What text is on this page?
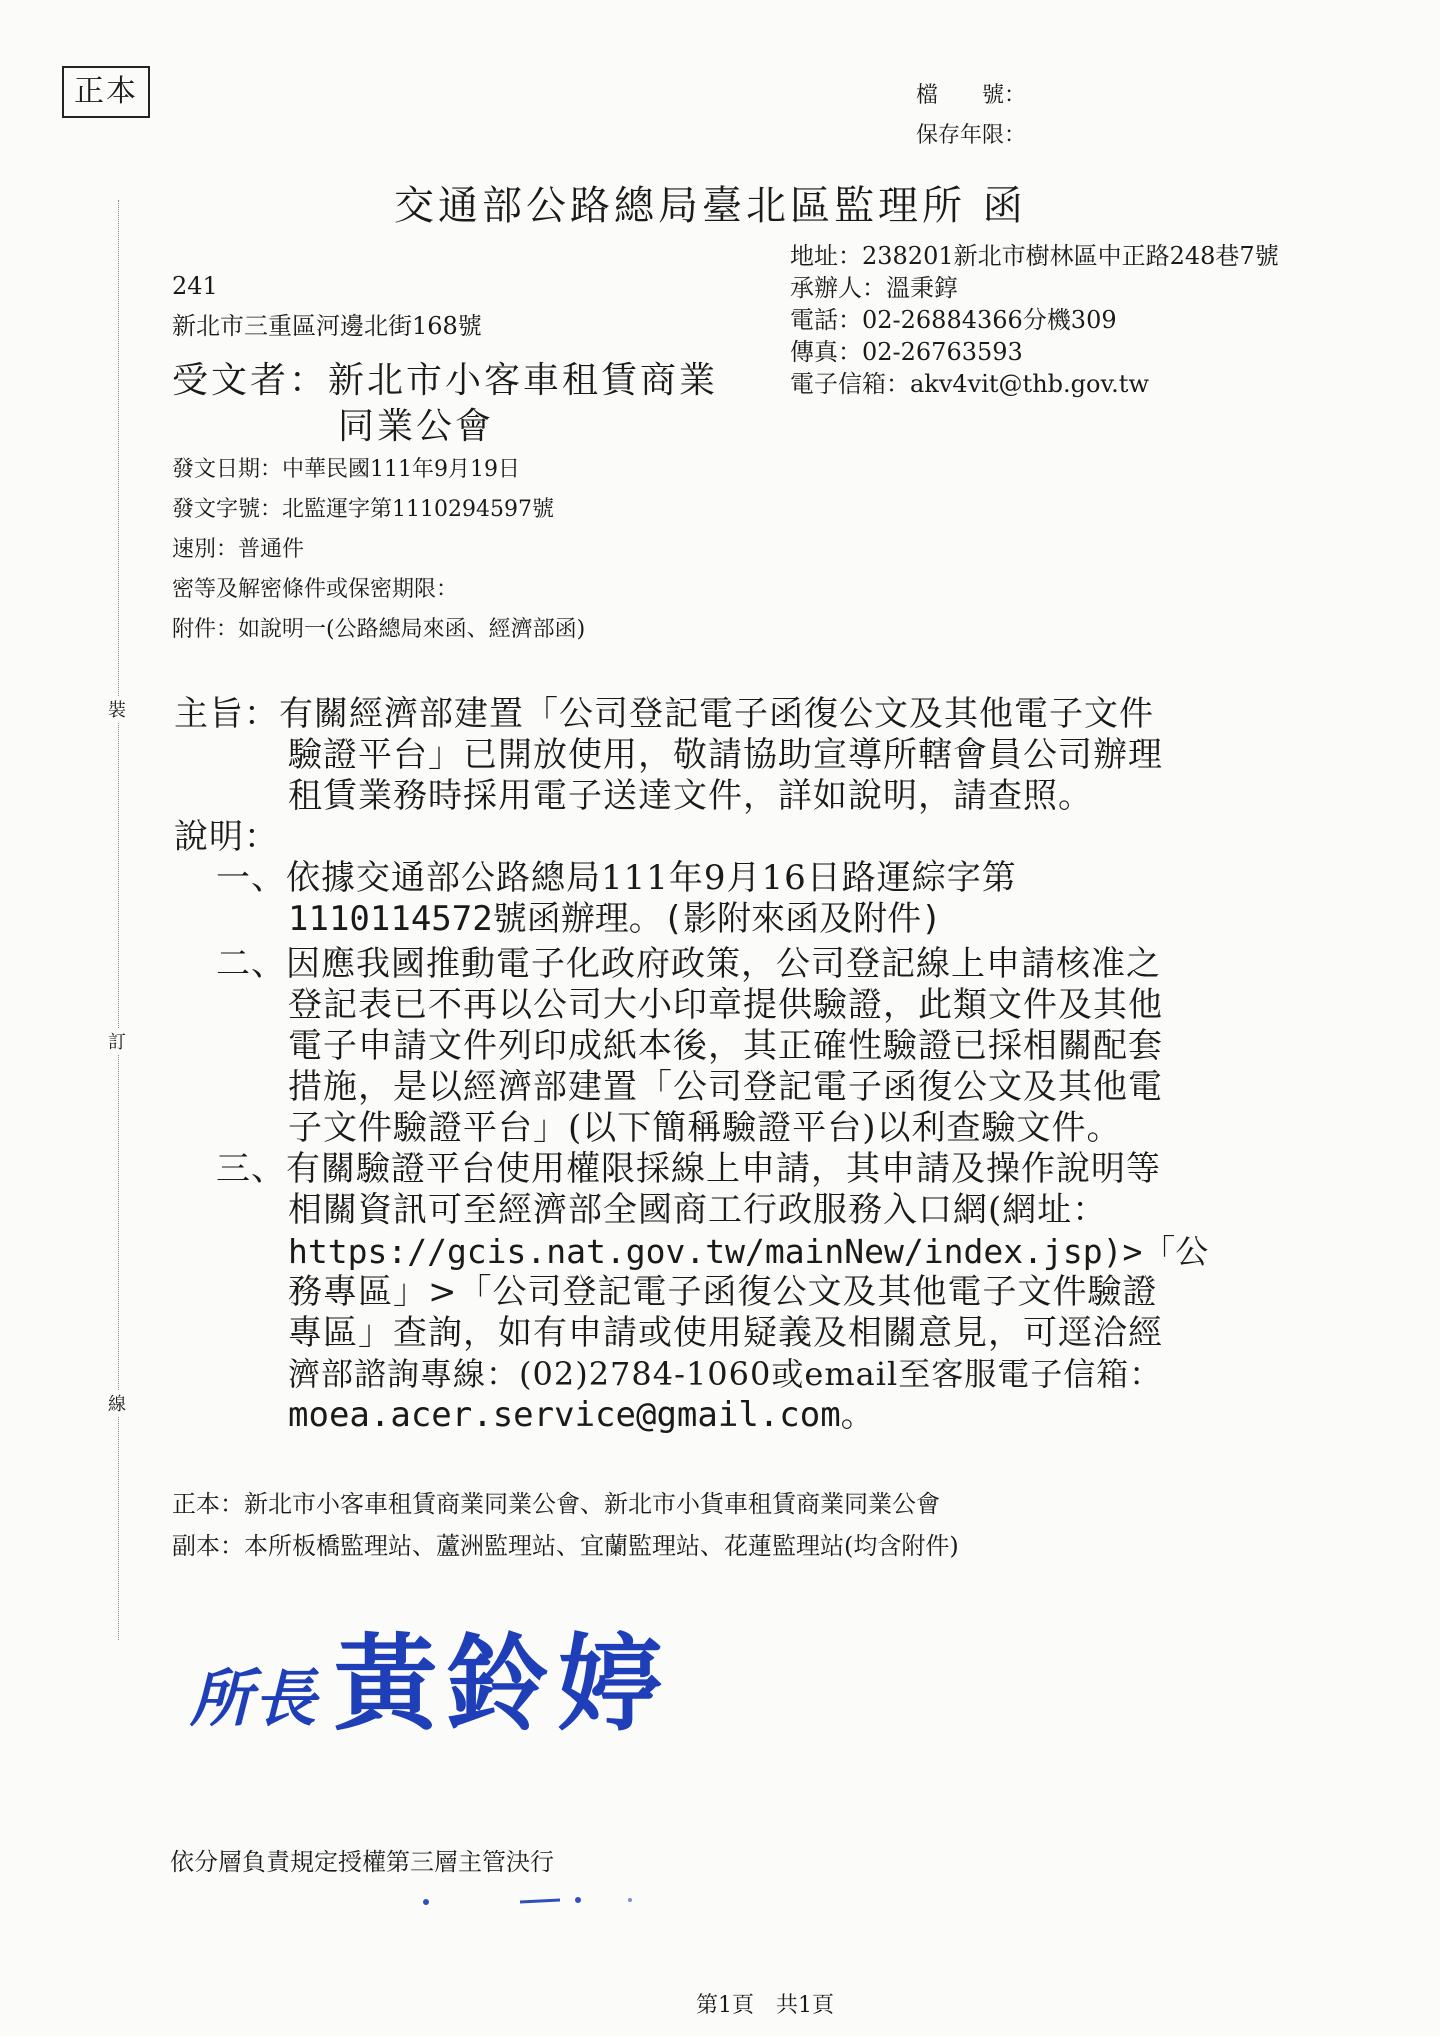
正本	檔　　號：
保存年限：
裝
訂
線
交通部公路總局臺北區監理所 函
地址：238201新北市樹林區中正路248巷7號
承辦人：溫秉錞
電話：02-26884366分機309
傳真：02-26763593
電子信箱：akv4vit@thb.gov.tw
241
新北市三重區河邊北街168號
受文者：新北市小客車租賃商業
同業公會
發文日期：中華民國111年9月19日
發文字號：北監運字第1110294597號
速別：普通件
密等及解密條件或保密期限：
附件：如說明一(公路總局來函、經濟部函)
主旨：有關經濟部建置「公司登記電子函復公文及其他電子文件
驗證平台」已開放使用，敬請協助宣導所轄會員公司辦理
租賃業務時採用電子送達文件，詳如說明，請查照。
說明：
一、依據交通部公路總局111年9月16日路運綜字第
1110114572號函辦理。(影附來函及附件)
二、因應我國推動電子化政府政策，公司登記線上申請核准之
登記表已不再以公司大小印章提供驗證，此類文件及其他
電子申請文件列印成紙本後，其正確性驗證已採相關配套
措施，是以經濟部建置「公司登記電子函復公文及其他電
子文件驗證平台」(以下簡稱驗證平台)以利查驗文件。
三、有關驗證平台使用權限採線上申請，其申請及操作說明等
相關資訊可至經濟部全國商工行政服務入口網(網址：
https://gcis.nat.gov.tw/mainNew/index.jsp)>「公
務專區」>「公司登記電子函復公文及其他電子文件驗證
專區」查詢，如有申請或使用疑義及相關意見，可逕洽經
濟部諮詢專線：(02)2784-1060或email至客服電子信箱：
moea.acer.service@gmail.com。
正本：新北市小客車租賃商業同業公會、新北市小貨車租賃商業同業公會
副本：本所板橋監理站、蘆洲監理站、宜蘭監理站、花蓮監理站(均含附件)
所長 黃鈴婷
依分層負責規定授權第三層主管決行
第1頁　共1頁
